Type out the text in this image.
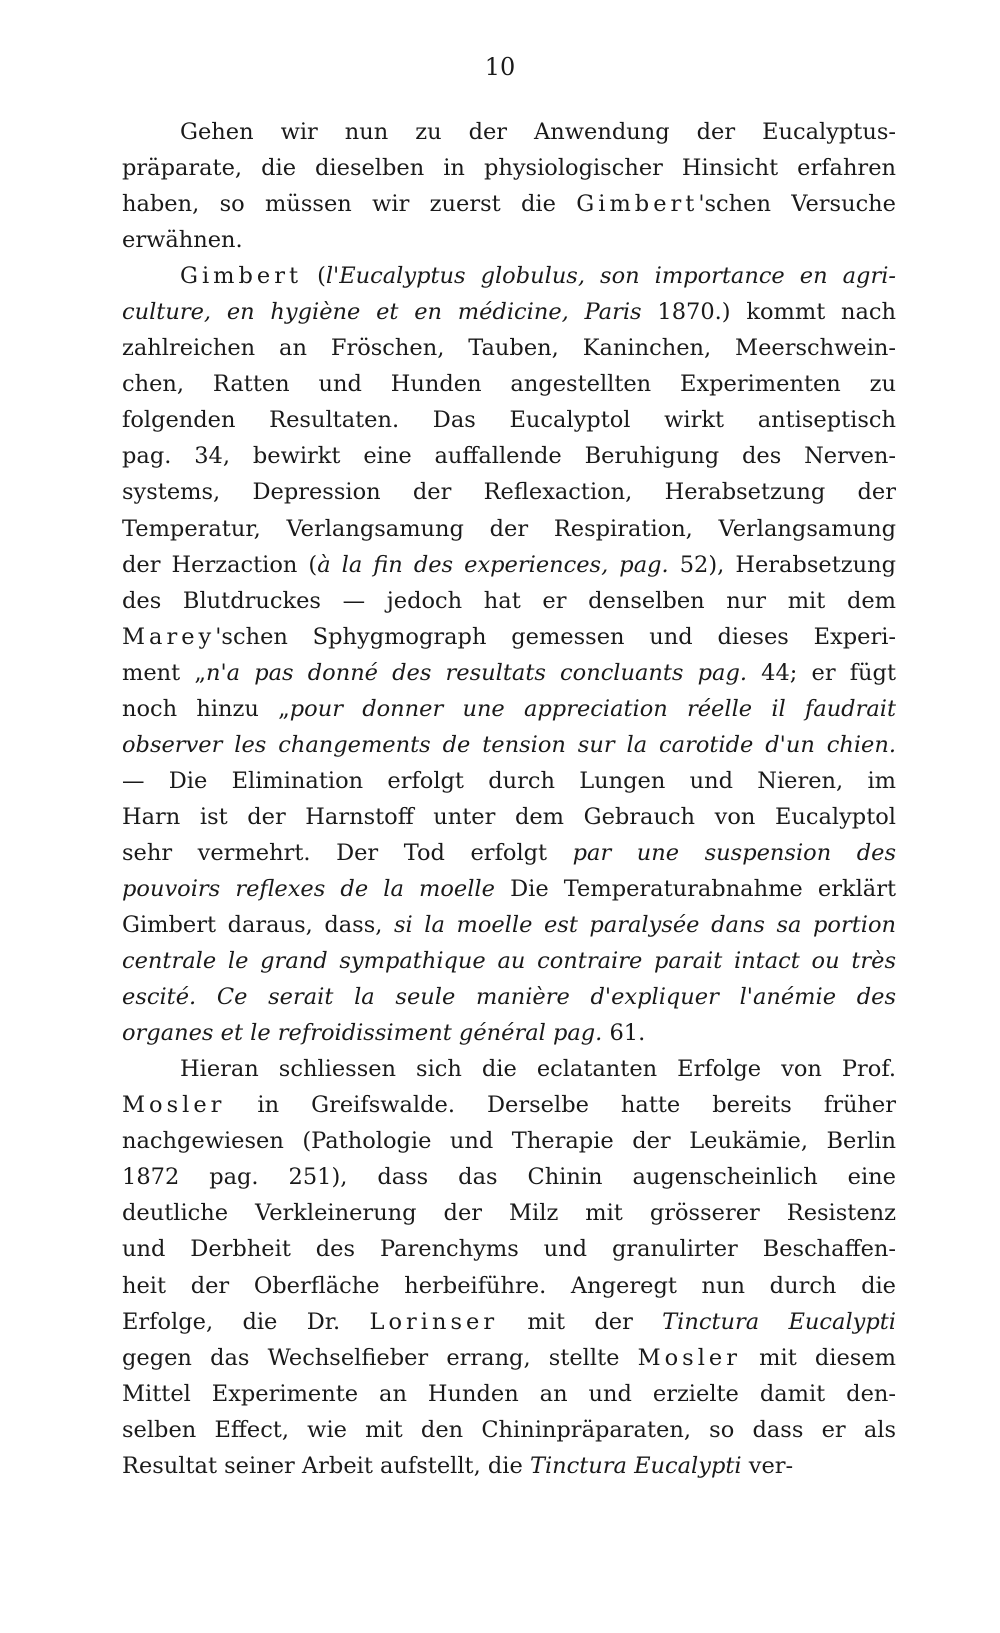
10
Gehen wir nun zu der Anwendung der Eucalyptus-
präparate, die dieselben in physiologischer Hinsicht erfahren
haben, so müssen wir zuerst die Gimbert'schen Versuche
erwähnen.
Gimbert (l'Eucalyptus globulus, son importance en agri-
culture, en hygiène et en médicine, Paris 1870.) kommt nach
zahlreichen an Fröschen, Tauben, Kaninchen, Meerschwein-
chen, Ratten und Hunden angestellten Experimenten zu
folgenden Resultaten. Das Eucalyptol wirkt antiseptisch
pag. 34, bewirkt eine auffallende Beruhigung des Nerven-
systems, Depression der Reflexaction, Herabsetzung der
Temperatur, Verlangsamung der Respiration, Verlangsamung
der Herzaction (à la fin des experiences, pag. 52), Herabsetzung
des Blutdruckes — jedoch hat er denselben nur mit dem
Marey'schen Sphygmograph gemessen und dieses Experi-
ment „n'a pas donné des resultats concluants pag. 44; er fügt
noch hinzu „pour donner une appreciation réelle il faudrait
observer les changements de tension sur la carotide d'un chien.
— Die Elimination erfolgt durch Lungen und Nieren, im
Harn ist der Harnstoff unter dem Gebrauch von Eucalyptol
sehr vermehrt. Der Tod erfolgt par une suspension des
pouvoirs reflexes de la moelle Die Temperaturabnahme erklärt
Gimbert daraus, dass, si la moelle est paralysée dans sa portion
centrale le grand sympathique au contraire parait intact ou très
escité. Ce serait la seule manière d'expliquer l'anémie des
organes et le refroidissiment général pag. 61.
Hieran schliessen sich die eclatanten Erfolge von Prof.
Mosler in Greifswalde. Derselbe hatte bereits früher
nachgewiesen (Pathologie und Therapie der Leukämie, Berlin
1872 pag. 251), dass das Chinin augenscheinlich eine
deutliche Verkleinerung der Milz mit grösserer Resistenz
und Derbheit des Parenchyms und granulirter Beschaffen-
heit der Oberfläche herbeiführe. Angeregt nun durch die
Erfolge, die Dr. Lorinser mit der Tinctura Eucalypti
gegen das Wechselfieber errang, stellte Mosler mit diesem
Mittel Experimente an Hunden an und erzielte damit den-
selben Effect, wie mit den Chininpräparaten, so dass er als
Resultat seiner Arbeit aufstellt, die Tinctura Eucalypti ver-
